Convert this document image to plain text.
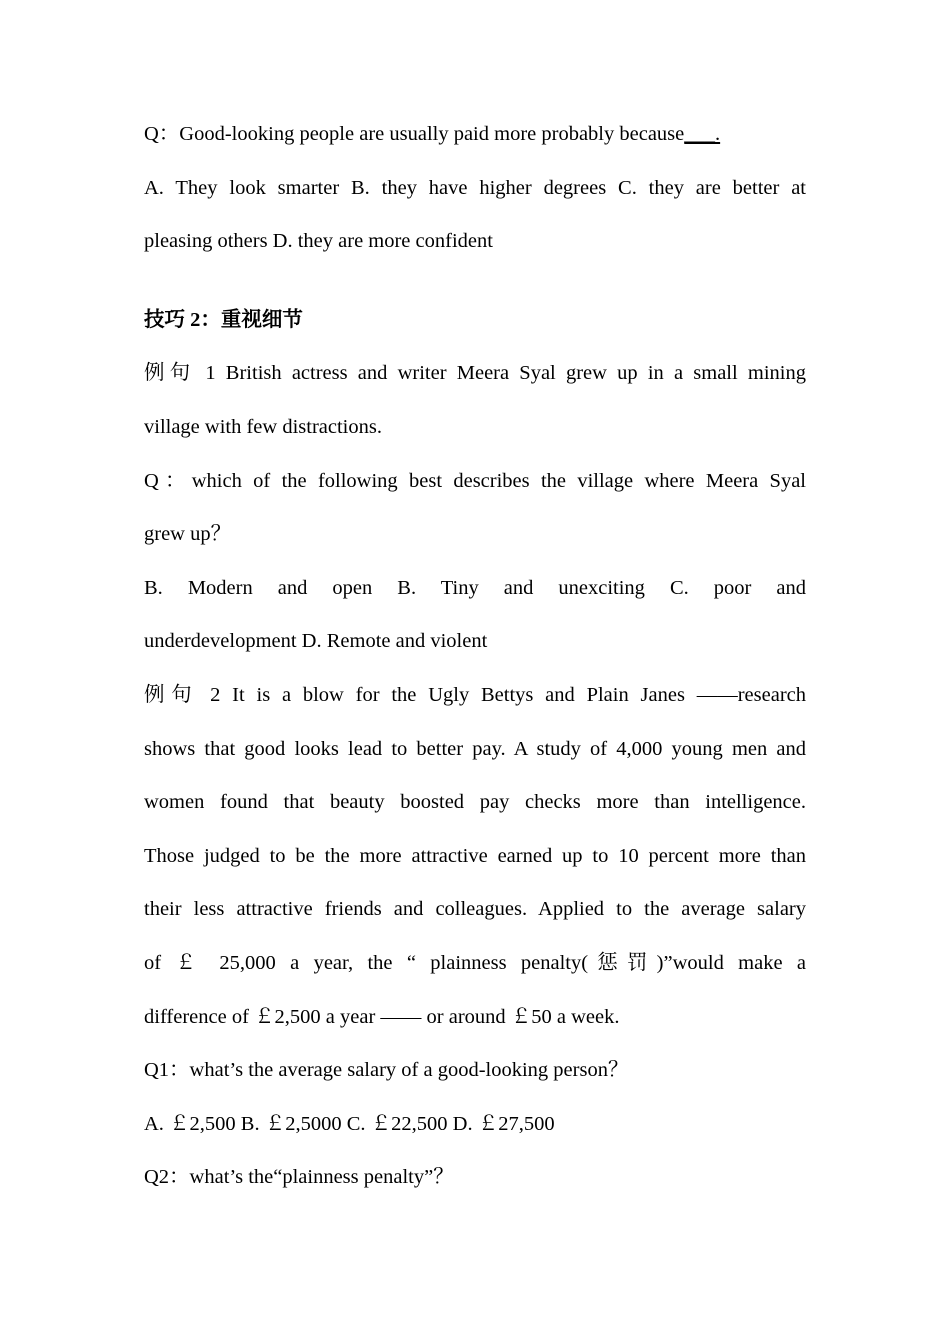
Q：Good-looking people are usually paid more probably because___.
A. They look smarter B. they have higher degrees C. they are better at
pleasing others D. they are more confident
技巧 2：重视细节
例句 1 British actress and writer Meera Syal grew up in a small mining
village with few distractions.
Q：which of the following best describes the village where Meera Syal
grew up？
B. Modern and open B. Tiny and unexciting C. poor and
underdevelopment D. Remote and violent
例句 2 It is a blow for the Ugly Bettys and Plain Janes ——research
shows that good looks lead to better pay. A study of 4,000 young men and
women found that beauty boosted pay checks more than intelligence.
Those judged to be the more attractive earned up to 10 percent more than
their less attractive friends and colleagues. Applied to the average salary
of ￡ 25,000 a year, the “ plainness penalty(惩罚)”would make a
difference of ￡2,500 a year —— or around ￡50 a week.
Q1：what’s the average salary of a good-looking person？
A. ￡2,500 B. ￡2,5000 C. ￡22,500 D. ￡27,500
Q2：what’s the“plainness penalty”？
